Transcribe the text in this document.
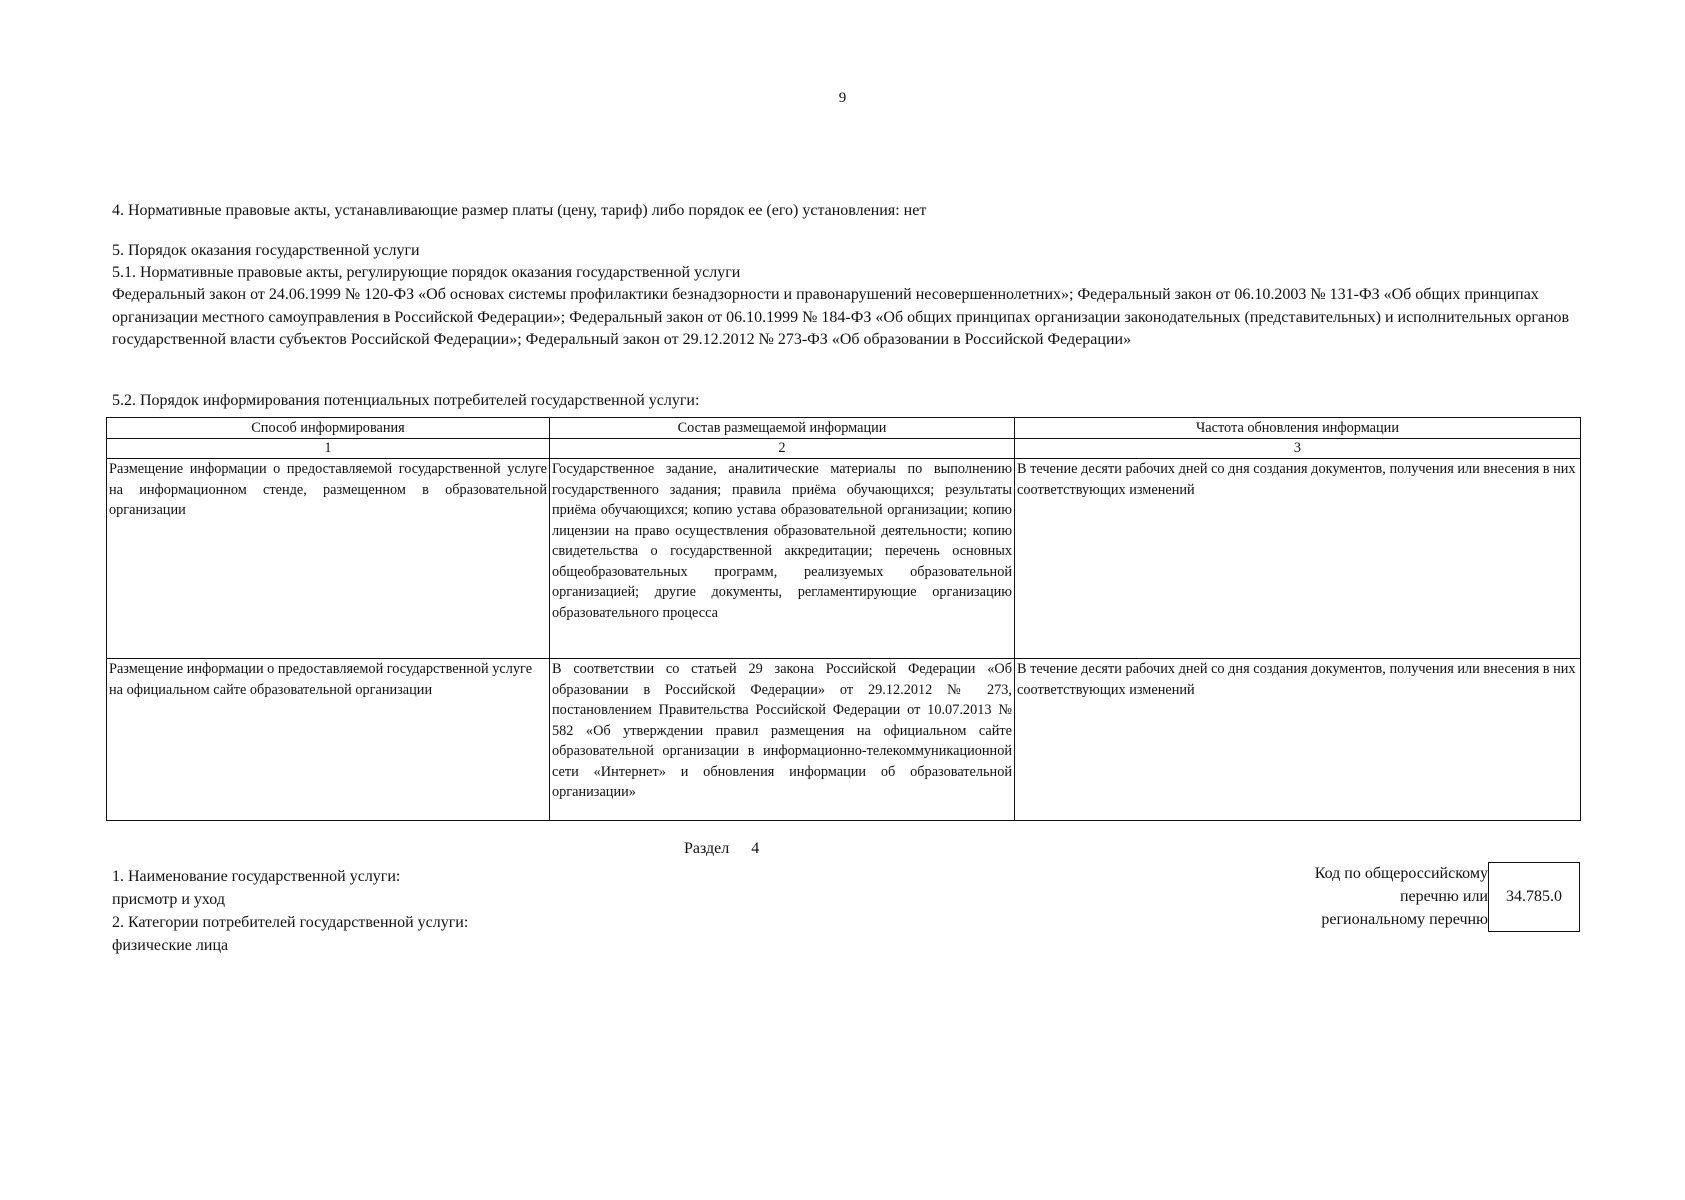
9
4. Нормативные правовые акты, устанавливающие размер платы (цену, тариф) либо порядок ее (его) установления: нет
5. Порядок оказания государственной услуги
5.1. Нормативные правовые акты, регулирующие порядок оказания государственной услуги
Федеральный закон от 24.06.1999 № 120-ФЗ «Об основах системы профилактики безнадзорности и правонарушений несовершеннолетних»; Федеральный закон от 06.10.2003 № 131-ФЗ «Об общих принципах организации местного самоуправления в Российской Федерации»; Федеральный закон от 06.10.1999 № 184-ФЗ «Об общих принципах организации законодательных (представительных) и исполнительных органов государственной власти субъектов Российской Федерации»; Федеральный закон от 29.12.2012 № 273-ФЗ «Об образовании в Российской Федерации»
5.2. Порядок информирования потенциальных потребителей государственной услуги:
Способ информирования	Состав размещаемой информации	Частота обновления информации
1	2	3
Размещение информации о предоставляемой государственной услуге на информационном стенде, размещенном в образовательной организации	Государственное задание, аналитические материалы по выполнению государственного задания; правила приёма обучающихся; результаты приёма обучающихся; копию устава образовательной организации; копию лицензии на право осуществления образовательной деятельности; копию свидетельства о государственной аккредитации; перечень основных общеобразовательных программ, реализуемых образовательной организацией; другие документы, регламентирующие организацию образовательного процесса	В течение десяти рабочих дней со дня создания документов, получения или внесения в них соответствующих изменений
Размещение информации о предоставляемой государственной услуге на официальном сайте образовательной организации	В соответствии со статьей 29 закона Российской Федерации «Об образовании в Российской Федерации» от 29.12.2012 № 273, постановлением Правительства Российской Федерации от 10.07.2013 № 582 «Об утверждении правил размещения на официальном сайте образовательной организации в информационно-телекоммуникационной сети «Интернет» и обновления информации об образовательной организации»	В течение десяти рабочих дней со дня создания документов, получения или внесения в них соответствующих изменений
Раздел 4
1. Наименование государственной услуги:
присмотр и уход
2. Категории потребителей государственной услуги:
физические лица
Код по общероссийскому
перечню или
региональному перечню
34.785.0
